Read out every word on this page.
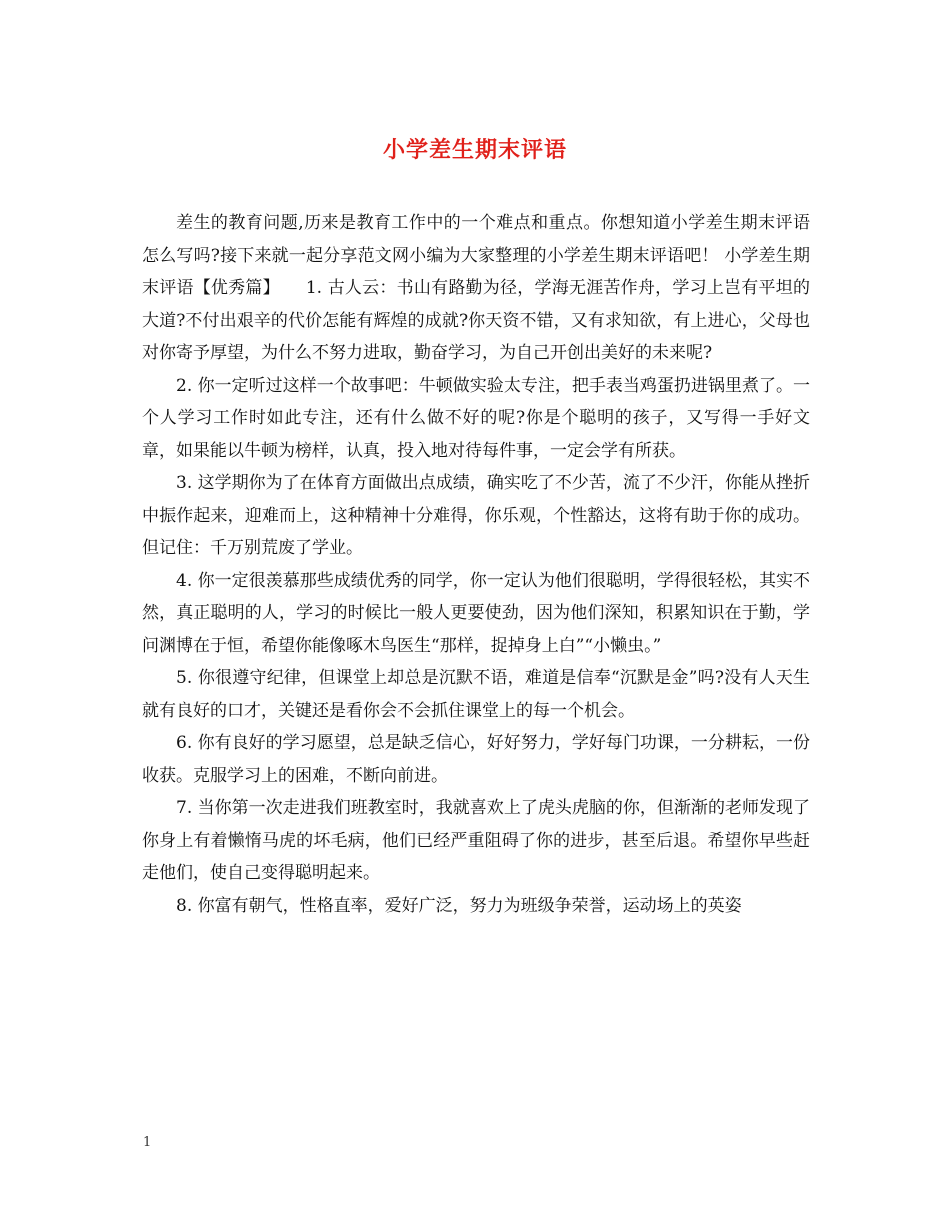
小学差生期末评语

差生的教育问题,历来是教育工作中的一个难点和重点。你想知道小学差生期末评语怎么写吗?接下来就一起分享范文网小编为大家整理的小学差生期末评语吧！ 小学差生期末评语【优秀篇】　　1. 古人云：书山有路勤为径，学海无涯苦作舟，学习上岂有平坦的大道?不付出艰辛的代价怎能有辉煌的成就?你天资不错，又有求知欲，有上进心，父母也对你寄予厚望，为什么不努力进取，勤奋学习，为自己开创出美好的未来呢?

2. 你一定听过这样一个故事吧：牛顿做实验太专注，把手表当鸡蛋扔进锅里煮了。一个人学习工作时如此专注，还有什么做不好的呢?你是个聪明的孩子，又写得一手好文章，如果能以牛顿为榜样，认真，投入地对待每件事，一定会学有所获。

3. 这学期你为了在体育方面做出点成绩，确实吃了不少苦，流了不少汗，你能从挫折中振作起来，迎难而上，这种精神十分难得，你乐观，个性豁达，这将有助于你的成功。但记住：千万别荒废了学业。

4. 你一定很羡慕那些成绩优秀的同学，你一定认为他们很聪明，学得很轻松，其实不然，真正聪明的人，学习的时候比一般人更要使劲，因为他们深知，积累知识在于勤，学问渊博在于恒，希望你能像啄木鸟医生“那样，捉掉身上白”“小懒虫。”

5. 你很遵守纪律，但课堂上却总是沉默不语，难道是信奉“沉默是金”吗?没有人天生就有良好的口才，关键还是看你会不会抓住课堂上的每一个机会。

6. 你有良好的学习愿望，总是缺乏信心，好好努力，学好每门功课，一分耕耘，一份收获。克服学习上的困难，不断向前进。

7. 当你第一次走进我们班教室时，我就喜欢上了虎头虎脑的你，但渐渐的老师发现了你身上有着懒惰马虎的坏毛病，他们已经严重阻碍了你的进步，甚至后退。希望你早些赶走他们，使自己变得聪明起来。

8. 你富有朝气，性格直率，爱好广泛，努力为班级争荣誉，运动场上的英姿

1
